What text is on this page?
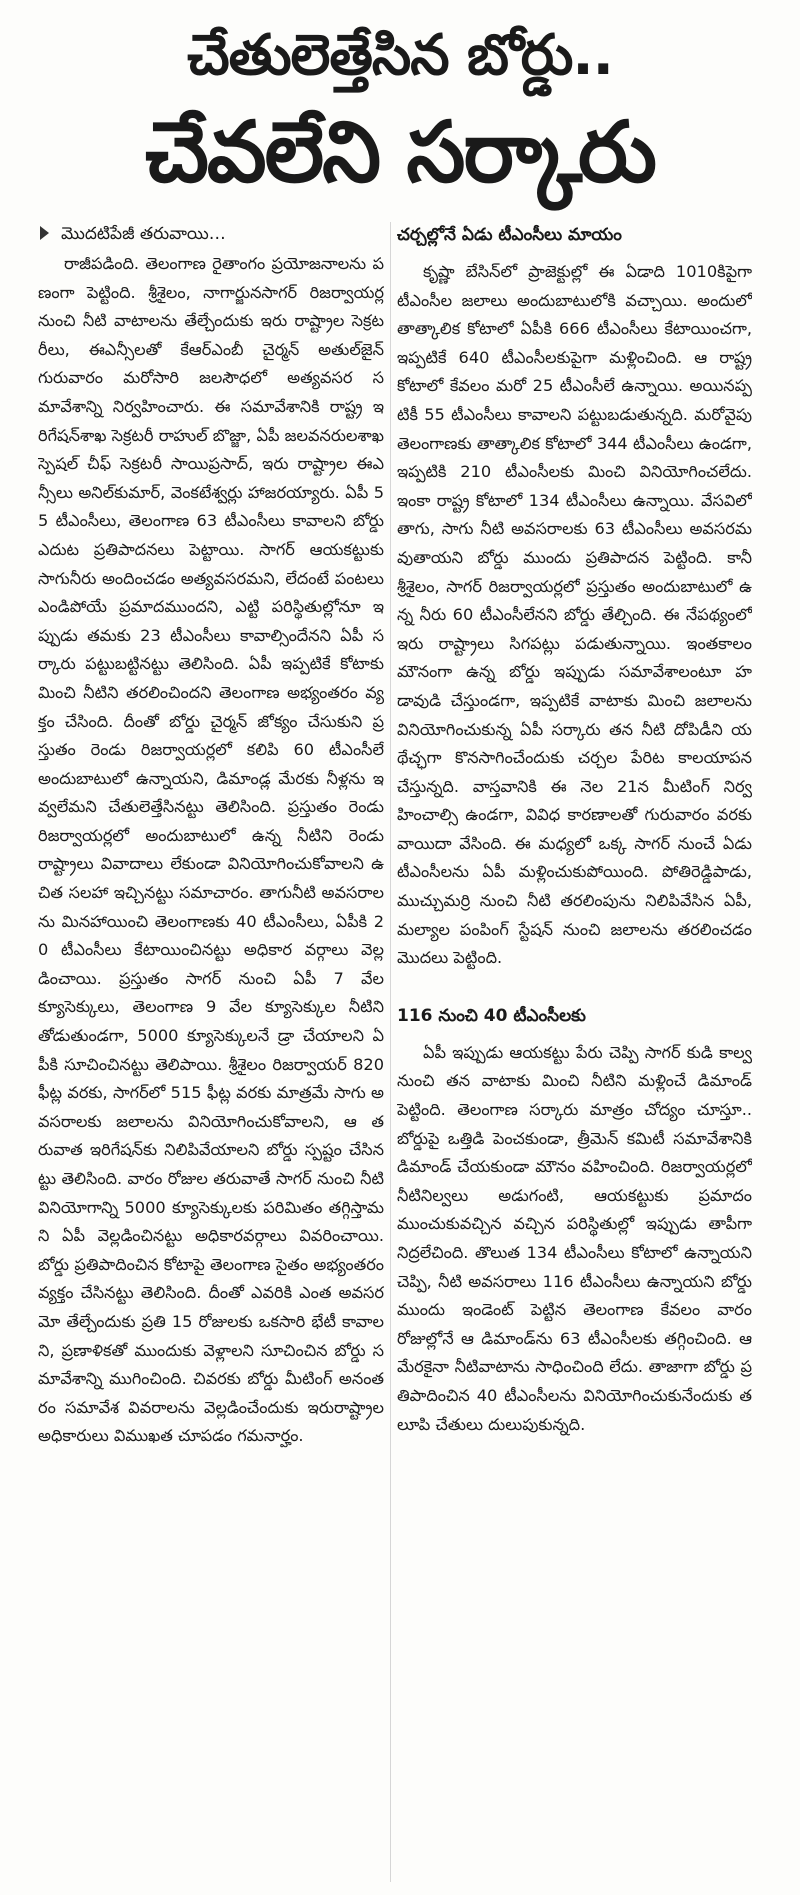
చేతులెత్తేసిన బోర్డు..
చేవలేని సర్కారు
మొదటిపేజీ తరువాయి…

రాజీపడింది. తెలంగాణ రైతాంగం ప్రయోజనాలను పణంగా పెట్టింది. శ్రీశైలం, నాగార్జునసాగర్ రిజర్వాయర్ల నుంచి నీటి వాటాలను తేల్చేందుకు ఇరు రాష్ట్రాల సెక్రటరీలు, ఈఎన్సీలతో కేఆర్ఎంబీ చైర్మన్ అతుల్‌జైన్ గురువారం మరోసారి జలసౌధలో అత్యవసర సమావేశాన్ని నిర్వహించారు. ఈ సమావేశానికి రాష్ట్ర ఇరిగేషన్‌శాఖ సెక్రటరీ రాహుల్ బొజ్జా, ఏపీ జలవనరులశాఖ స్పెషల్ చీఫ్ సెక్రటరీ సాయిప్రసాద్, ఇరు రాష్ట్రాల ఈఎన్సీలు అనిల్‌కుమార్, వెంకటేశ్వర్లు హాజరయ్యారు. ఏపీ 55 టీఎంసీలు, తెలంగాణ 63 టీఎంసీలు కావాలని బోర్డు ఎదుట ప్రతిపాదనలు పెట్టాయి. సాగర్ ఆయకట్టుకు సాగునీరు అందించడం అత్యవసరమని, లేదంటే పంటలు ఎండిపోయే ప్రమాదముందని, ఎట్టి పరిస్థితుల్లోనూ ఇప్పుడు తమకు 23 టీఎంసీలు కావాల్సిందేనని ఏపీ సర్కారు పట్టుబట్టినట్టు తెలిసింది. ఏపీ ఇప్పటికే కోటాకు మించి నీటిని తరలించిందని తెలంగాణ అభ్యంతరం వ్యక్తం చేసింది. దీంతో బోర్డు చైర్మన్ జోక్యం చేసుకుని ప్రస్తుతం రెండు రిజర్వాయర్లలో కలిపి 60 టీఎంసీలే అందుబాటులో ఉన్నాయని, డిమాండ్ల మేరకు నీళ్లను ఇవ్వలేమని చేతులెత్తేసినట్టు తెలిసింది. ప్రస్తుతం రెండు రిజర్వాయర్లలో అందుబాటులో ఉన్న నీటిని రెండు రాష్ట్రాలు వివాదాలు లేకుండా వినియోగించుకోవాలని ఉచిత సలహా ఇచ్చినట్టు సమాచారం. తాగునీటి అవసరాలను మినహాయించి తెలంగాణకు 40 టీఎంసీలు, ఏపీకి 20 టీఎంసీలు కేటాయించినట్టు అధికార వర్గాలు వెల్లడించాయి. ప్రస్తుతం సాగర్ నుంచి ఏపీ 7 వేల క్యూసెక్కులు, తెలంగాణ 9 వేల క్యూసెక్కుల నీటిని తోడుతుండగా, 5000 క్యూసెక్కులనే డ్రా చేయాలని ఏపీకి సూచించినట్టు తెలిపాయి. శ్రీశైలం రిజర్వాయర్ 820 ఫీట్ల వరకు, సాగర్‌లో 515 ఫీట్ల వరకు మాత్రమే సాగు అవసరాలకు జలాలను వినియోగించుకోవాలని, ఆ తరువాత ఇరిగేషన్‌కు నిలిపివేయాలని బోర్డు స్పష్టం చేసినట్టు తెలిసింది. వారం రోజుల తరువాతే సాగర్ నుంచి నీటి వినియోగాన్ని 5000 క్యూసెక్కులకు పరిమితం తగ్గిస్తామని ఏపీ వెల్లడించినట్టు అధికారవర్గాలు వివరించాయి. బోర్డు ప్రతిపాదించిన కోటాపై తెలంగాణ సైతం అభ్యంతరం వ్యక్తం చేసినట్టు తెలిసింది. దీంతో ఎవరికి ఎంత అవసరమో తేల్చేందుకు ప్రతి 15 రోజులకు ఒకసారి భేటీ కావాలని, ప్రణాళికతో ముందుకు వెళ్లాలని సూచించిన బోర్డు సమావేశాన్ని ముగించింది. చివరకు బోర్డు మీటింగ్ అనంతరం సమావేశ వివరాలను వెల్లడించేందుకు ఇరురాష్ట్రాల అధికారులు విముఖత చూపడం గమనార్హం.

చర్చల్లోనే ఏడు టీఎంసీలు మాయం

కృష్ణా బేసిన్‌లో ప్రాజెక్టుల్లో ఈ ఏడాది 1010కిపైగా టీఎంసీల జలాలు అందుబాటులోకి వచ్చాయి. అందులో తాత్కాలిక కోటాలో ఏపీకి 666 టీఎంసీలు కేటాయించగా, ఇప్పటికే 640 టీఎంసీలకుపైగా మళ్లించింది. ఆ రాష్ట్ర కోటాలో కేవలం మరో 25 టీఎంసీలే ఉన్నాయి. అయినప్పటికీ 55 టీఎంసీలు కావాలని పట్టుబడుతున్నది. మరోవైపు తెలంగాణకు తాత్కాలిక కోటాలో 344 టీఎంసీలు ఉండగా, ఇప్పటికి 210 టీఎంసీలకు మించి వినియోగించలేదు. ఇంకా రాష్ట్ర కోటాలో 134 టీఎంసీలు ఉన్నాయి. వేసవిలో తాగు, సాగు నీటి అవసరాలకు 63 టీఎంసీలు అవసరమవుతాయని బోర్డు ముందు ప్రతిపాదన పెట్టింది. కానీ శ్రీశైలం, సాగర్ రిజర్వాయర్లలో ప్రస్తుతం అందుబాటులో ఉన్న నీరు 60 టీఎంసీలేనని బోర్డు తేల్చింది. ఈ నేపథ్యంలో ఇరు రాష్ట్రాలు సిగపట్లు పడుతున్నాయి. ఇంతకాలం మౌనంగా ఉన్న బోర్డు ఇప్పుడు సమావేశాలంటూ హడావుడి చేస్తుండగా, ఇప్పటికే వాటాకు మించి జలాలను వినియోగించుకున్న ఏపీ సర్కారు తన నీటి దోపిడీని యథేచ్ఛగా కొనసాగించేందుకు చర్చల పేరిట కాలయాపన చేస్తున్నది. వాస్తవానికి ఈ నెల 21న మీటింగ్ నిర్వహించాల్సి ఉండగా, వివిధ కారణాలతో గురువారం వరకు వాయిదా వేసింది. ఈ మధ్యలో ఒక్క సాగర్ నుంచే ఏడు టీఎంసీలను ఏపీ మళ్లించుకుపోయింది. పోతిరెడ్డిపాడు, ముచ్చుమర్రి నుంచి నీటి తరలింపును నిలిపివేసిన ఏపీ, మల్యాల పంపింగ్ స్టేషన్ నుంచి జలాలను తరలించడం మొదలు పెట్టింది.

116 నుంచి 40 టీఎంసీలకు

ఏపీ ఇప్పుడు ఆయకట్టు పేరు చెప్పి సాగర్ కుడి కాల్వ నుంచి తన వాటాకు మించి నీటిని మళ్లించే డిమాండ్ పెట్టింది. తెలంగాణ సర్కారు మాత్రం చోద్యం చూస్తూ.. బోర్డుపై ఒత్తిడి పెంచకుండా, త్రీమెన్ కమిటీ సమావేశానికి డిమాండ్ చేయకుండా మౌనం వహించింది. రిజర్వాయర్లలో నీటినిల్వలు అడుగంటి, ఆయకట్టుకు ప్రమాదం ముంచుకువచ్చిన వచ్చిన పరిస్థితుల్లో ఇప్పుడు తాపీగా నిద్రలేచింది. తొలుత 134 టీఎంసీలు కోటాలో ఉన్నాయని చెప్పి, నీటి అవసరాలు 116 టీఎంసీలు ఉన్నాయని బోర్డు ముందు ఇండెంట్ పెట్టిన తెలంగాణ కేవలం వారం రోజుల్లోనే ఆ డిమాండ్‌ను 63 టీఎంసీలకు తగ్గించింది. ఆ మేరకైనా నీటివాటాను సాధించింది లేదు. తాజాగా బోర్డు ప్రతిపాదించిన 40 టీఎంసీలను వినియోగించుకునేందుకు తలూపి చేతులు దులుపుకున్నది.
